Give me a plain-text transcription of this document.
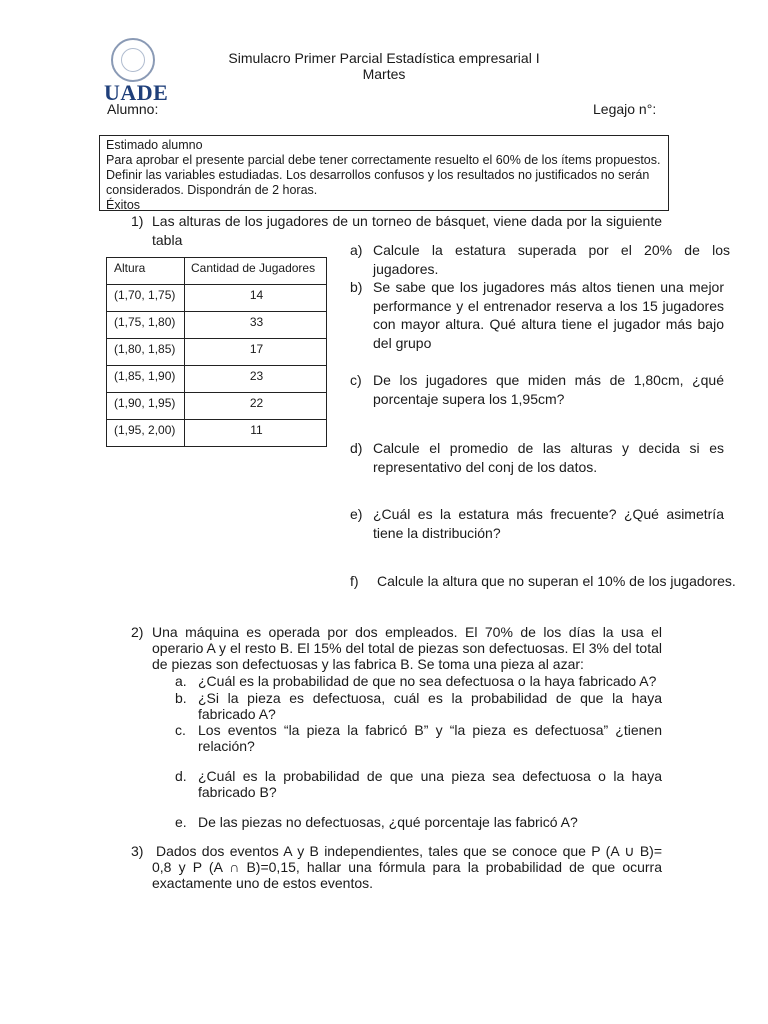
UADE
Simulacro Primer Parcial Estadística empresarial I
Martes
Alumno:	Legajo n°:

Estimado alumno

Para aprobar el presente parcial debe tener correctamente resuelto el 60% de los ítems propuestos. Definir las variables estudiadas. Los desarrollos confusos y los resultados no justificados no serán considerados. Dispondrán de 2 horas.

Éxitos

1) Las alturas de los jugadores de un torneo de básquet, viene dada por la siguiente tabla
Altura	Cantidad de Jugadores
(1,70, 1,75)	14
(1,75, 1,80)	33
(1,80, 1,85)	17
(1,85, 1,90)	23
(1,90, 1,95)	22
(1,95, 2,00)	11
a) Calcule la estatura superada por el 20% de los jugadores.
b) Se sabe que los jugadores más altos tienen una mejor performance y el entrenador reserva a los 15 jugadores con mayor altura. Qué altura tiene el jugador más bajo del grupo
c) De los jugadores que miden más de 1,80cm, ¿qué porcentaje supera los 1,95cm?
d) Calcule el promedio de las alturas y decida si es representativo del conj de los datos.
e) ¿Cuál es la estatura más frecuente? ¿Qué asimetría tiene la distribución?
f) Calcule la altura que no superan el 10% de los jugadores.
2) Una máquina es operada por dos empleados. El 70% de los días la usa el operario A y el resto B. El 15% del total de piezas son defectuosas. El 3% del total de piezas son defectuosas y las fabrica B. Se toma una pieza al azar:
a. ¿Cuál es la probabilidad de que no sea defectuosa o la haya fabricado A?
b. ¿Si la pieza es defectuosa, cuál es la probabilidad de que la haya fabricado A?
c. Los eventos “la pieza la fabricó B” y “la pieza es defectuosa” ¿tienen relación?
d. ¿Cuál es la probabilidad de que una pieza sea defectuosa o la haya fabricado B?
e. De las piezas no defectuosas, ¿qué porcentaje las fabricó A?
3) Dados dos eventos A y B independientes, tales que se conoce que P (A ∪ B)= 0,8 y P (A ∩ B)=0,15, hallar una fórmula para la probabilidad de que ocurra exactamente uno de estos eventos.
